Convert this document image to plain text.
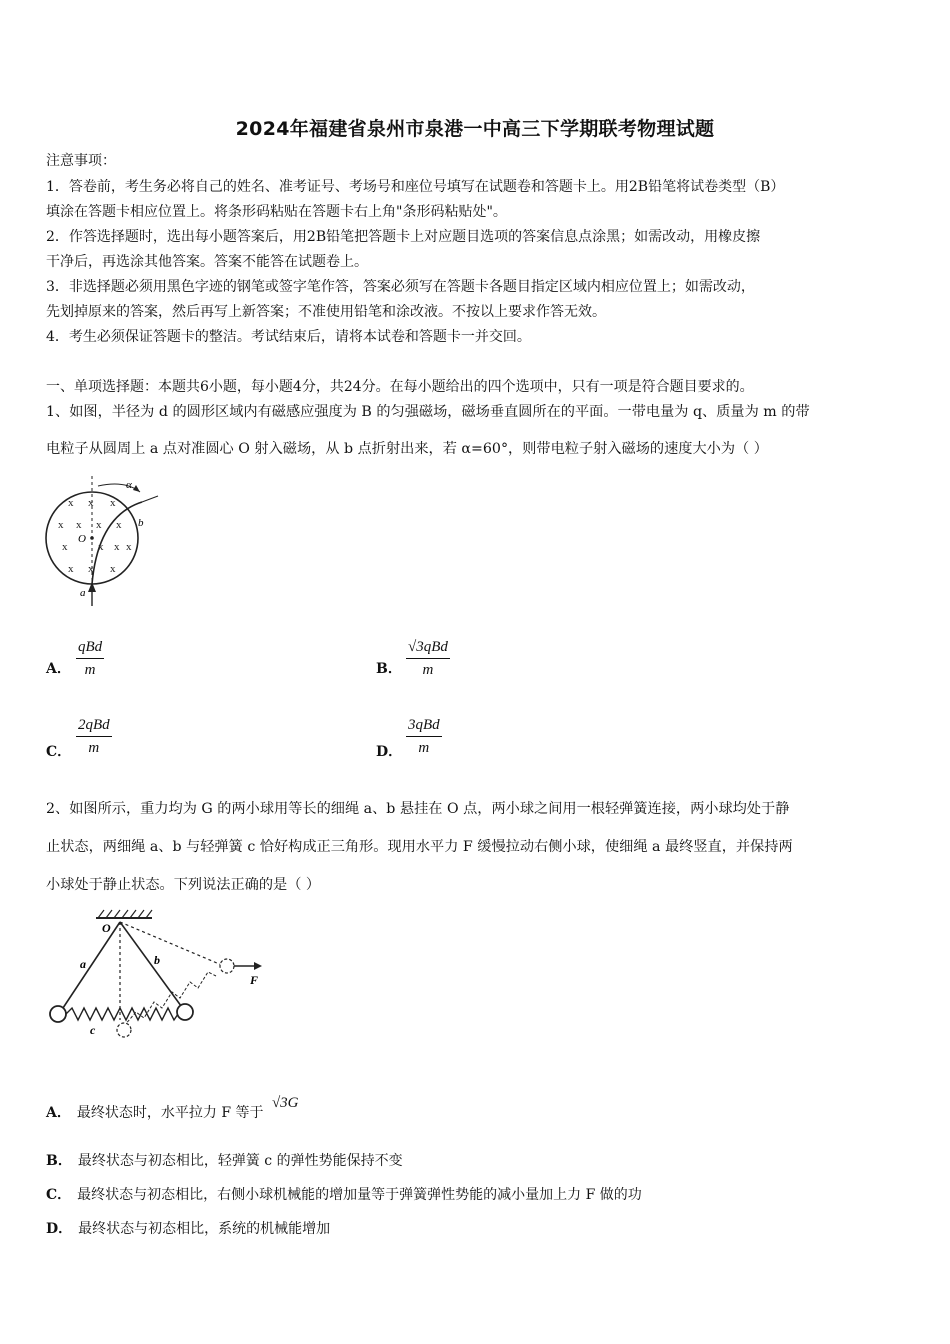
2024年福建省泉州市泉港一中高三下学期联考物理试题
注意事项：
1．答卷前，考生务必将自己的姓名、准考证号、考场号和座位号填写在试题卷和答题卡上。用2B铅笔将试卷类型（B）
填涂在答题卡相应位置上。将条形码粘贴在答题卡右上角"条形码粘贴处"。
2．作答选择题时，选出每小题答案后，用2B铅笔把答题卡上对应题目选项的答案信息点涂黑；如需改动，用橡皮擦
干净后，再选涂其他答案。答案不能答在试题卷上。
3．非选择题必须用黑色字迹的钢笔或签字笔作答，答案必须写在答题卡各题目指定区域内相应位置上；如需改动，
先划掉原来的答案，然后再写上新答案；不准使用铅笔和涂改液。不按以上要求作答无效。
4．考生必须保证答题卡的整洁。考试结束后，请将本试卷和答题卡一并交回。
一、单项选择题：本题共6小题，每小题4分，共24分。在每小题给出的四个选项中，只有一项是符合题目要求的。
1、如图，半径为 d 的圆形区域内有磁感应强度为 B 的匀强磁场，磁场垂直圆所在的平面。一带电量为 q、质量为 m 的带
电粒子从圆周上 a 点对准圆心 O 射入磁场，从 b 点折射出来，若 α=60°，则带电粒子射入磁场的速度大小为（ ）
α
b
O
a
x x x
x x x x
x	x x x
x x x
A．
qBd
m	B．
√3qBd
m
C．
2qBd
m	D．
3qBd
m
2、如图所示，重力均为 G 的两小球用等长的细绳 a、b 悬挂在 O 点，两小球之间用一根轻弹簧连接，两小球均处于静
止状态，两细绳 a、b 与轻弹簧 c 恰好构成正三角形。现用水平力 F 缓慢拉动右侧小球，使细绳 a 最终竖直，并保持两
小球处于静止状态。下列说法正确的是（ ）
O
a	b
c
F
A． 最终状态时，水平拉力 F 等于 √3G
B． 最终状态与初态相比，轻弹簧 c 的弹性势能保持不变
C． 最终状态与初态相比，右侧小球机械能的增加量等于弹簧弹性势能的减小量加上力 F 做的功
D． 最终状态与初态相比，系统的机械能增加
